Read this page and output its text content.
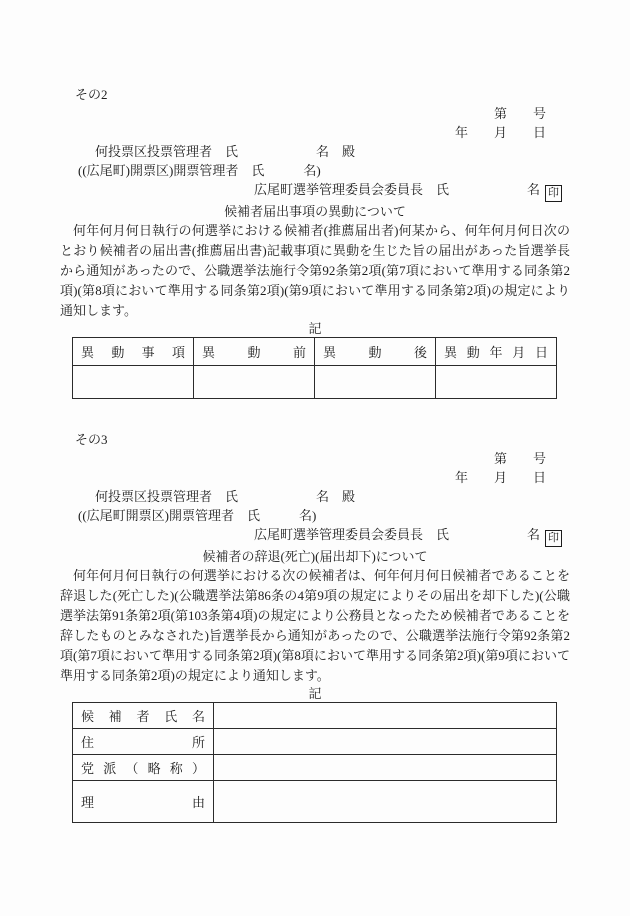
その2
第　　号
年　　月　　日
何投票区投票管理者　氏　　　　　　名　殿
((広尾町)開票区)開票管理者　氏　　　名)
広尾町選挙管理委員会委員長　氏　　　　　　名 印
候補者届出事項の異動について

何年何月何日執行の何選挙における候補者(推薦届出者)何某から、何年何月何日次のとおり候補者の届出書(推薦届出書)記載事項に異動を生じた旨の届出があった旨選挙長から通知があったので、公職選挙法施行令第92条第2項(第7項において準用する同条第2項)(第8項において準用する同条第2項)(第9項において準用する同条第2項)の規定により通知します。

記
異 動 事 項	異 動 前	異 動 後	異 動 年 月 日

その3
第　　号
年　　月　　日
何投票区投票管理者　氏　　　　　　名　殿
((広尾町開票区)開票管理者　氏　　　名)
広尾町選挙管理委員会委員長　氏　　　　　　名 印
候補者の辞退(死亡)(届出却下)について

何年何月何日執行の何選挙における次の候補者は、何年何月何日候補者であることを辞退した(死亡した)(公職選挙法第86条の4第9項の規定によりその届出を却下した)(公職選挙法第91条第2項(第103条第4項)の規定により公務員となったため候補者であることを辞したものとみなされた)旨選挙長から通知があったので、公職選挙法施行令第92条第2項(第7項において準用する同条第2項)(第8項において準用する同条第2項)(第9項において準用する同条第2項)の規定により通知します。

記
候 補 者 氏 名	

住 所	

党 派 （ 略 称 ）

理 由	
